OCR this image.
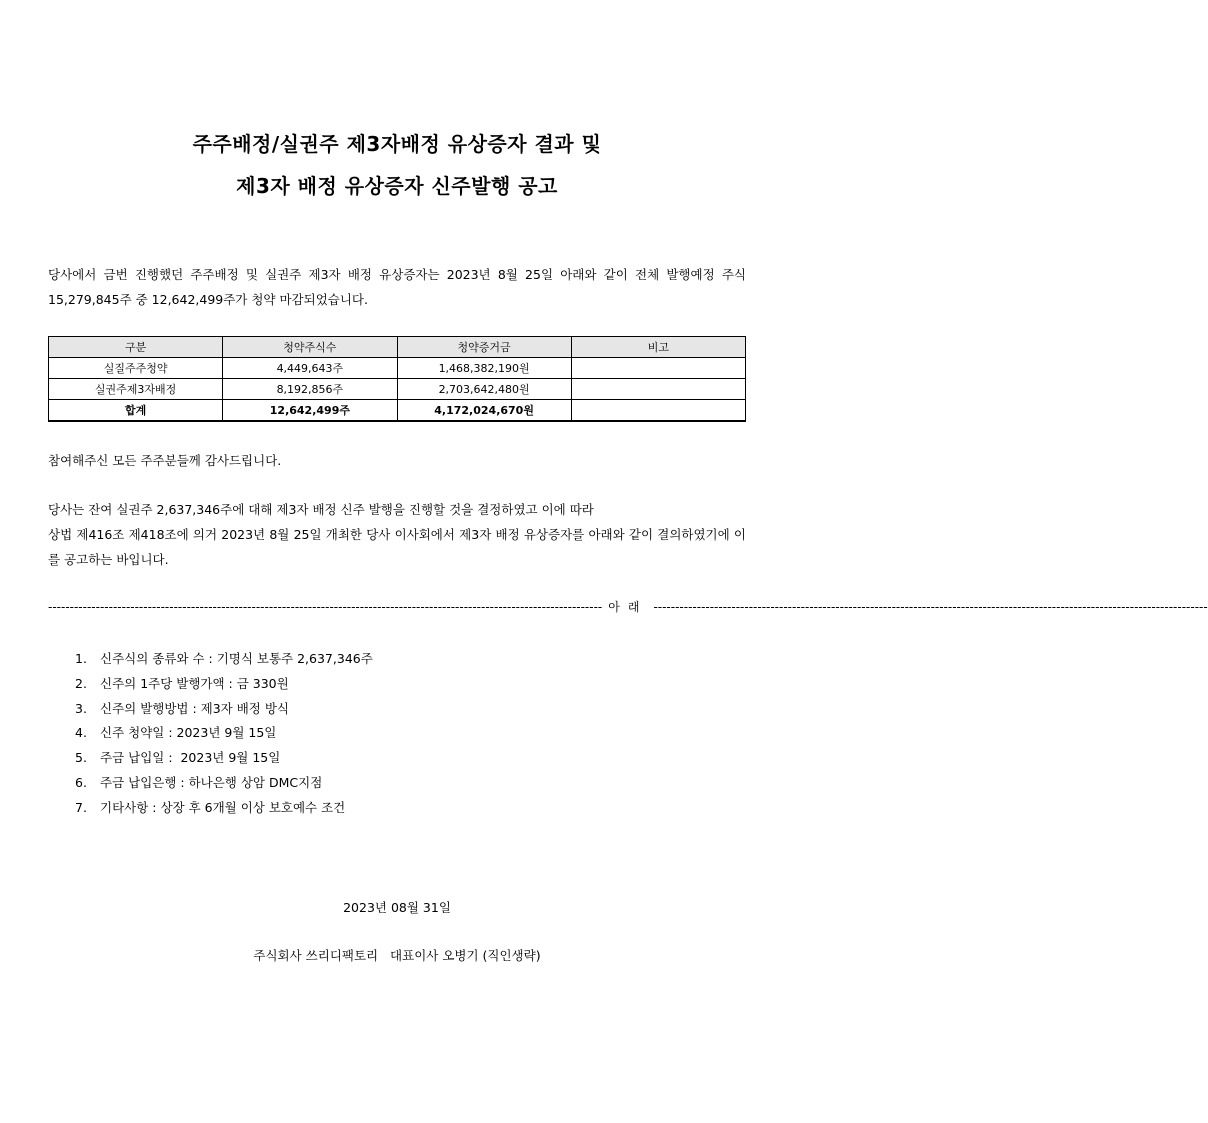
주주배정/실권주 제3자배정 유상증자 결과 및
제3자 배정 유상증자 신주발행 공고
당사에서 금번 진행했던 주주배정 및 실권주 제3자 배정 유상증자는 2023년 8월 25일 아래와 같이 전체 발행예정 주식 15,279,845주 중 12,642,499주가 청약 마감되었습니다.
구분	청약주식수	청약증거금	비고
실질주주청약	4,449,643주	1,468,382,190원	
실권주제3자배정	8,192,856주	2,703,642,480원	
합계	12,642,499주	4,172,024,670원	
참여해주신 모든 주주분들께 감사드립니다.
당사는 잔여 실권주 2,637,346주에 대해 제3자 배정 신주 발행을 진행할 것을 결정하였고 이에 따라
상법 제416조 제418조에 의거 2023년 8월 25일 개최한 당사 이사회에서 제3자 배정 유상증자를 아래와 같이 결의하였기에 이를 공고하는 바입니다.
-------------------------------------------------------------------------------------------------------------------------------- 아래 --------------------------------------------------------------------------------------------------------------------------------
1. 신주식의 종류와 수 : 기명식 보통주 2,637,346주
2. 신주의 1주당 발행가액 : 금 330원
3. 신주의 발행방법 : 제3자 배정 방식
4. 신주 청약일 : 2023년 9월 15일
5. 주금 납입일 :  2023년 9월 15일
6. 주금 납입은행 : 하나은행 상암 DMC지점
7. 기타사항 : 상장 후 6개월 이상 보호예수 조건
2023년 08월 31일
주식회사 쓰리디팩토리   대표이사 오병기 (직인생략)
